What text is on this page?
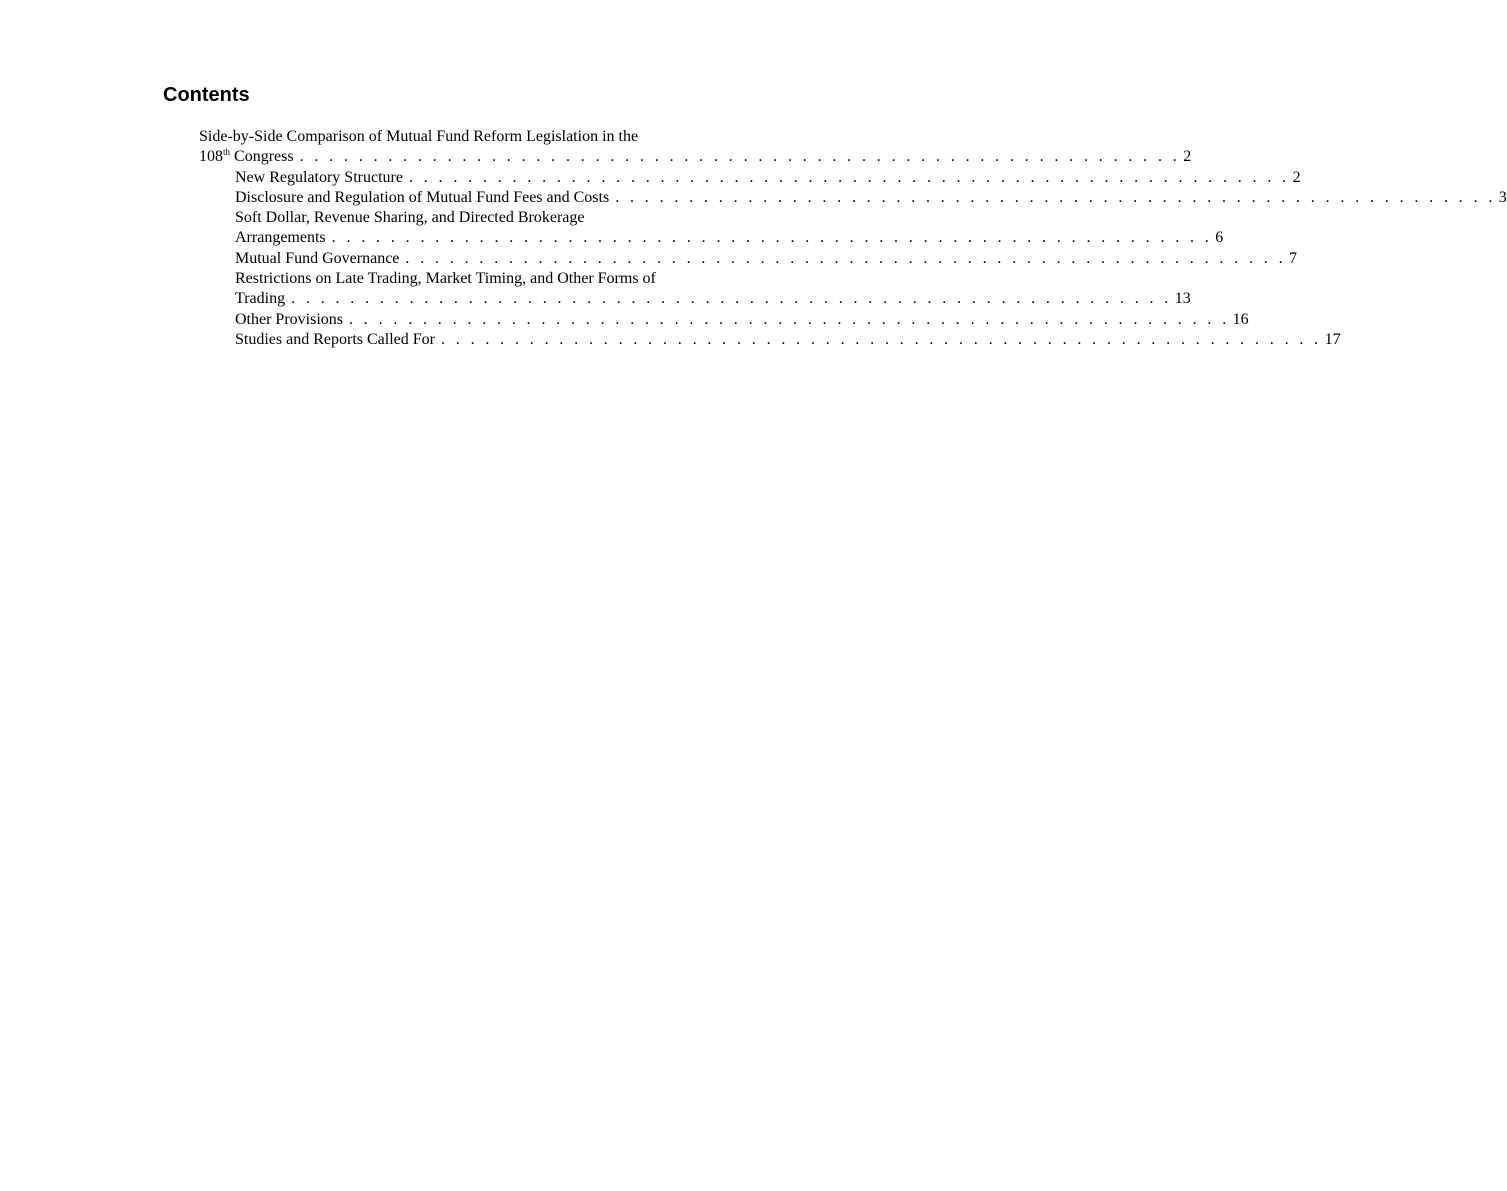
Contents
Side-by-Side Comparison of Mutual Fund Reform Legislation in the
108th Congress . . . . . . . . . . . . . . . . . . . . . . . . . . . . . . . . . . . . . . . . . . . . . . . . . . . . . . . . . . . . 2
New Regulatory Structure . . . . . . . . . . . . . . . . . . . . . . . . . . . . . . . . . . . . . . . . . . . . . . . . . . . . . . . . . . . . 2
Disclosure and Regulation of Mutual Fund Fees and Costs . . . . . . . . . . . . . . . . . . . . . . . . . . . . . . . . . . . . . . . . . . . . . . . . . . . . . . . . . . . . 3
Soft Dollar, Revenue Sharing, and Directed Brokerage
Arrangements . . . . . . . . . . . . . . . . . . . . . . . . . . . . . . . . . . . . . . . . . . . . . . . . . . . . . . . . . . . . 6
Mutual Fund Governance . . . . . . . . . . . . . . . . . . . . . . . . . . . . . . . . . . . . . . . . . . . . . . . . . . . . . . . . . . . . 7
Restrictions on Late Trading, Market Timing, and Other Forms of
Trading . . . . . . . . . . . . . . . . . . . . . . . . . . . . . . . . . . . . . . . . . . . . . . . . . . . . . . . . . . . . 13
Other Provisions . . . . . . . . . . . . . . . . . . . . . . . . . . . . . . . . . . . . . . . . . . . . . . . . . . . . . . . . . . . . 16
Studies and Reports Called For . . . . . . . . . . . . . . . . . . . . . . . . . . . . . . . . . . . . . . . . . . . . . . . . . . . . . . . . . . . . 17
